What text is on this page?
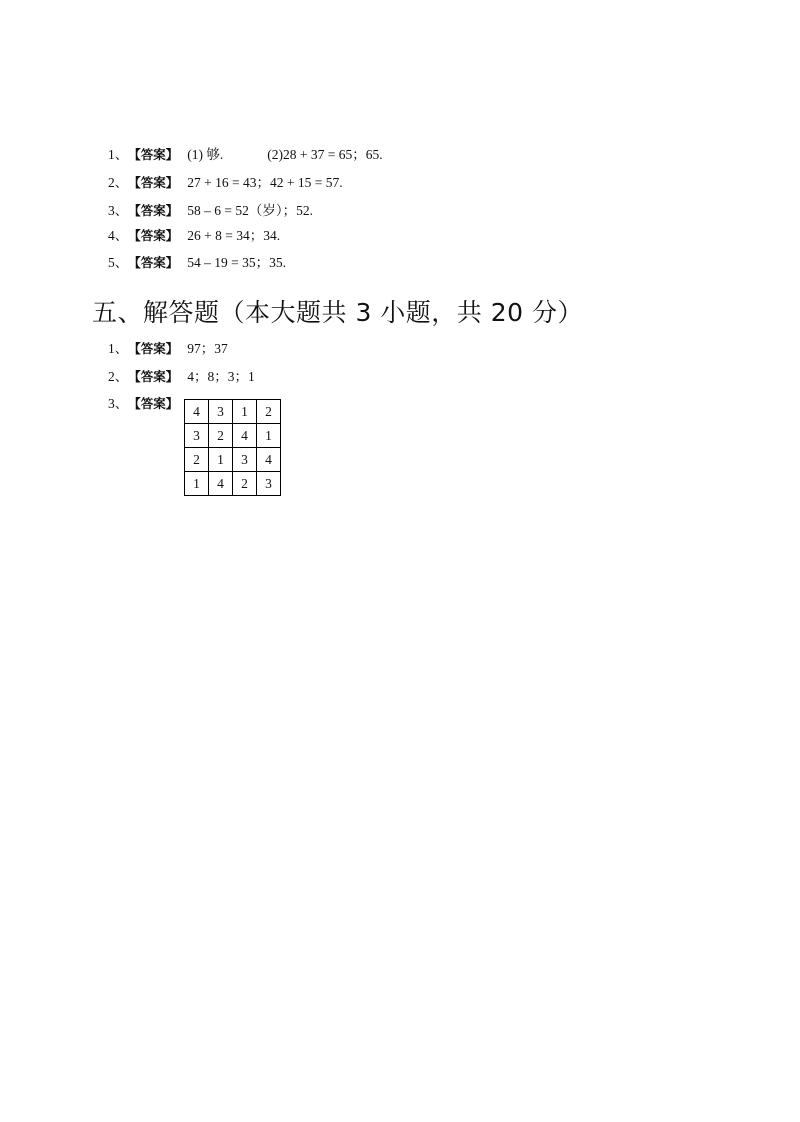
1、【答案】 (1) 够.	(2)28 + 37 = 65；65.
2、【答案】 27 + 16 = 43；42 + 15 = 57.
3、【答案】 58 – 6 = 52（岁）；52.
4、【答案】 26 + 8 = 34；34.
5、【答案】 54 – 19 = 35；35.
五、解答题（本大题共 3 小题，共 20 分）
1、【答案】 97；37
2、【答案】 4；8；3；1
3、【答案】	4	3	1	2
3	2	4	1
2	1	3	4
1	4	2	3
